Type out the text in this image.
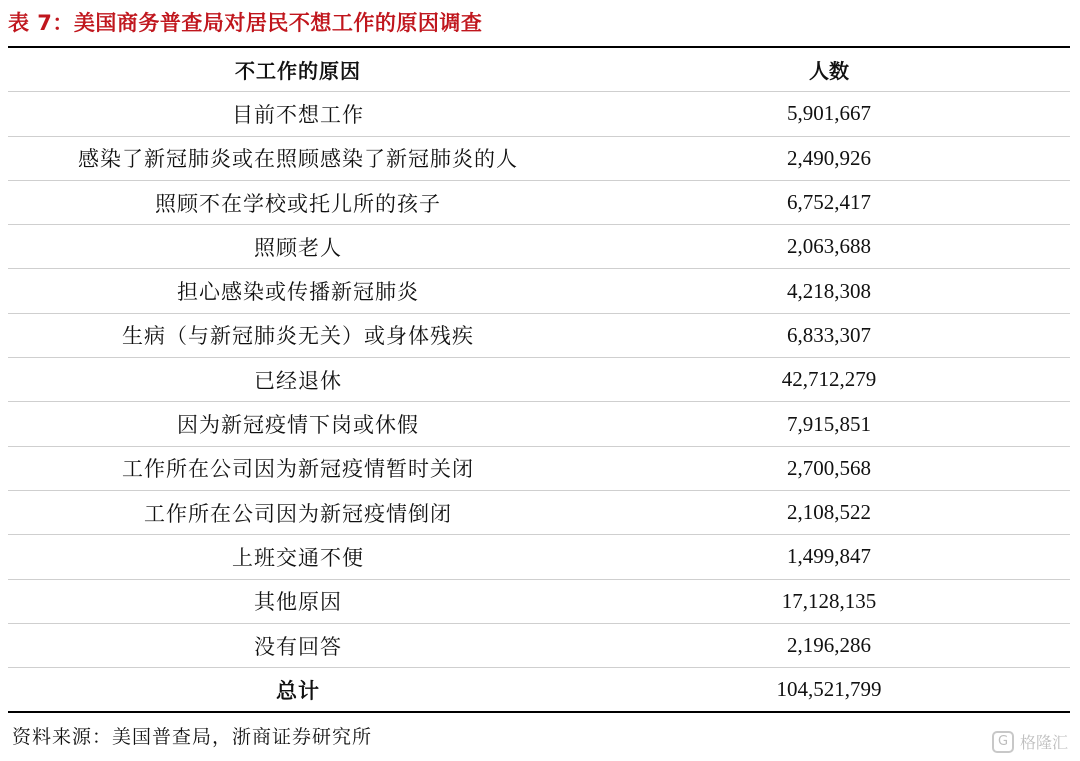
表 7：美国商务普查局对居民不想工作的原因调查
不工作的原因	人数
目前不想工作	5,901,667
感染了新冠肺炎或在照顾感染了新冠肺炎的人	2,490,926
照顾不在学校或托儿所的孩子	6,752,417
照顾老人	2,063,688
担心感染或传播新冠肺炎	4,218,308
生病（与新冠肺炎无关）或身体残疾	6,833,307
已经退休	42,712,279
因为新冠疫情下岗或休假	7,915,851
工作所在公司因为新冠疫情暂时关闭	2,700,568
工作所在公司因为新冠疫情倒闭	2,108,522
上班交通不便	1,499,847
其他原因	17,128,135
没有回答	2,196,286
总计	104,521,799
资料来源：美国普查局，浙商证券研究所	G 格隆汇
